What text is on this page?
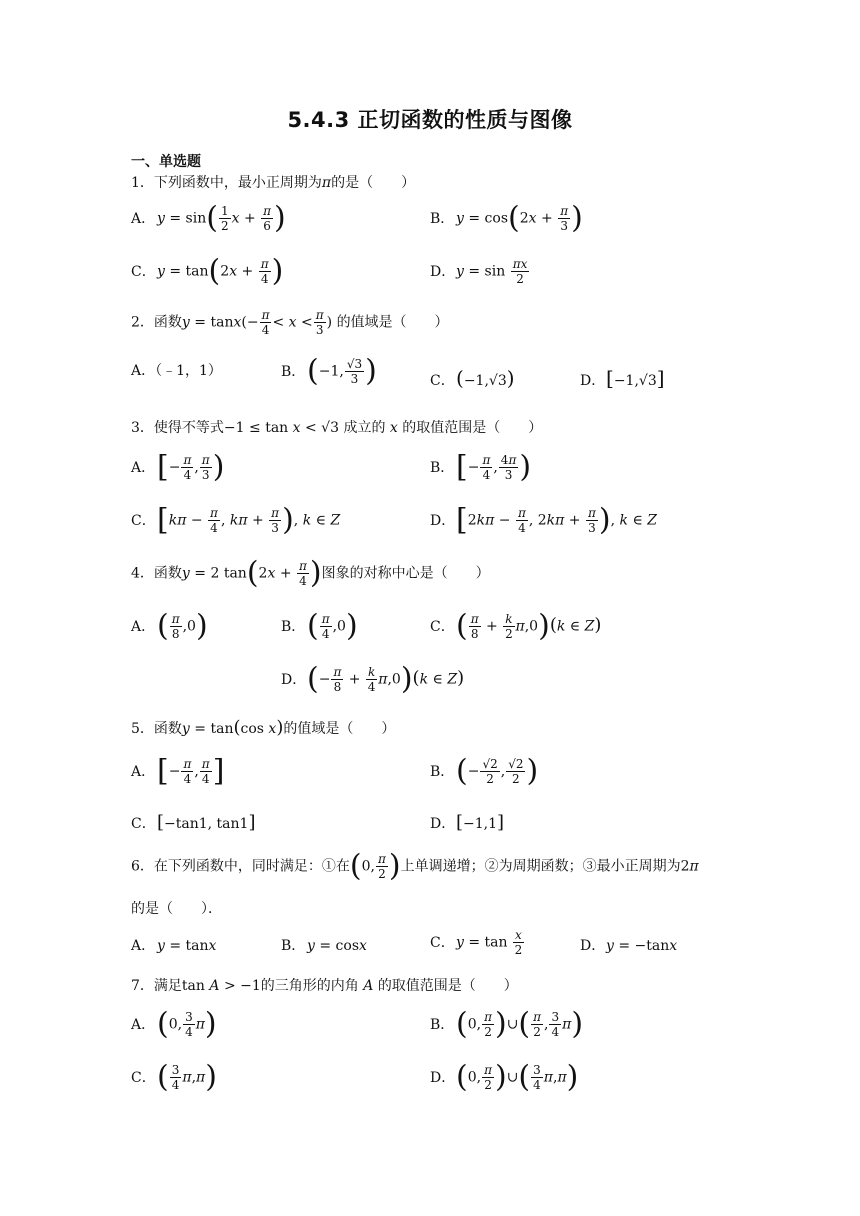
5.4.3 正切函数的性质与图像
一、单选题
1．下列函数中，最小正周期为π的是（　　）
A． $y = \sin( \frac{1}{2}$ $x + \frac{\pi}{6}$ )	B． $y = \cos(2x + \frac{\pi}{3}$ )
C．$y = \tan(2x + \frac{\pi}{4}$ )	D．$y = \sin \frac{\pi x}{2}$
2．函数$y = \tan x(- \frac{\pi}{4} < x < \frac{\pi}{3}$ ) 的值域是（　　）
A．（﹣1，1）	B．(−1, $\frac{√3}{3}$ )	C．(−1,√3)	D．[−1,√3]
3．使得不等式−1 ≤ tan x < √3 成立的 x 的取值范围是（　　）
A．[− $\frac{\pi}{4}$ , $\frac{\pi}{3}$ )	B．[− $\frac{\pi}{4}$ , $\frac{4\pi}{3}$ )
C．[$k\pi - \frac{\pi}{4}$ , $k\pi + \frac{\pi}{3}$ ), k ∈ Z	D．[$2k\pi - \frac{\pi}{4}$ , $2k\pi + \frac{\pi}{3}$ ), k ∈ Z
4．函数y = 2 $\tan(2x + \frac{\pi}{4}$ )图象的对称中心是（　　）
A．( $\frac{\pi}{8} ,0$)	B．( $\frac{\pi}{4} ,0$)	C．( $\frac{\pi}{8} + \frac{k}{2} \pi,0)(k$ ∈ Z)
D．(− $\frac{\pi}{8} + \frac{k}{4} \pi,0)(k$ ∈ Z)
5．函数y = tan(cos x)的值域是（　　）
A．[− $\frac{\pi}{4}$ , $\frac{\pi}{4}$ ]	B．(− $\frac{√2}{2}$ , $\frac{√2}{2}$ )
C．[−tan1, tan1]	D．[−1,1]
6．在下列函数中，同时满足：①在(0, $\frac{\pi}{2}$ )上单调递增；②为周期函数；③最小正周期为2π
的是（　　）．
A． y = tanx	B． y = cosx	C．$y = \tan \frac{x}{2}$	D．y = −tanx
7．满足tan A > −1的三角形的内角 A 的取值范围是（　　）
A．(0, $\frac{3}{4} \pi$)	B．(0, $\frac{\pi}{2}$ )∪( $\frac{\pi}{2}$ , $\frac{3}{4} \pi$)
C．( $\frac{3}{4} \pi,\pi$)	D．(0, $\frac{\pi}{2}$ )∪( $\frac{3}{4} \pi,\pi$)
